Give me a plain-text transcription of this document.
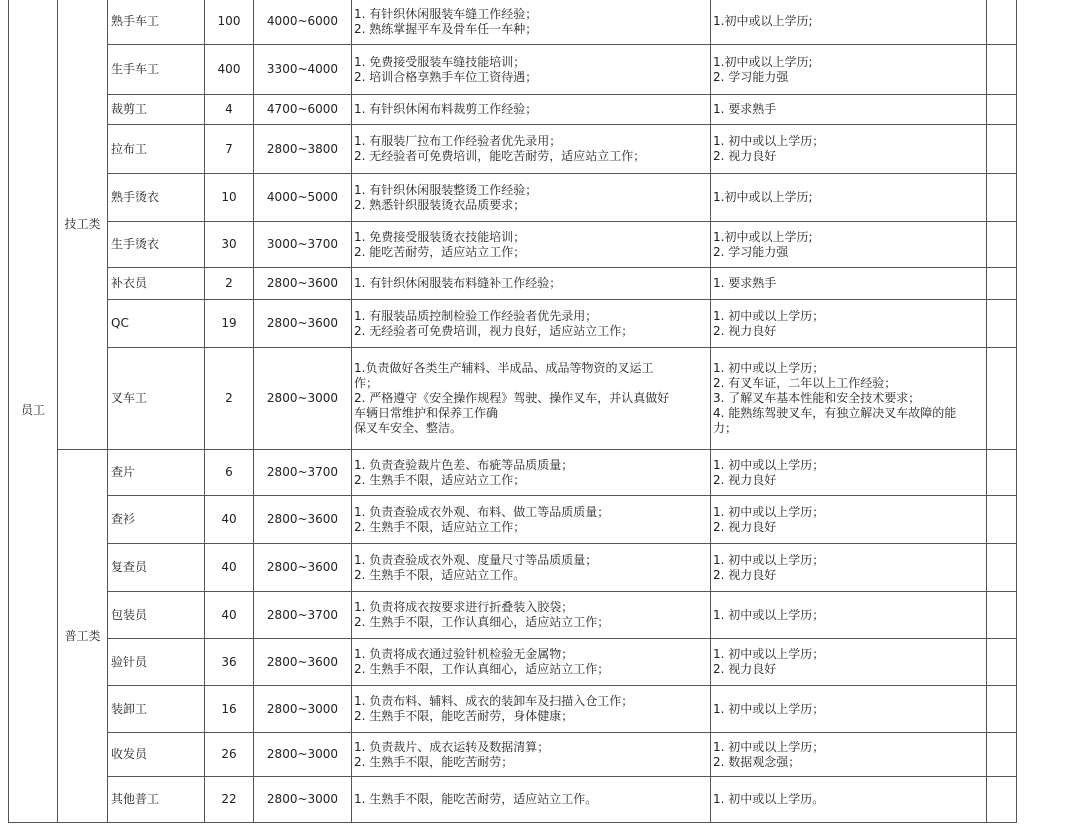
员工	技工类	熟手车工	100	4000~6000	1. 有针织休闲服装车缝工作经验；
2. 熟练掌握平车及骨车任一车种；	1.初中或以上学历;	

		生手车工	400	3300~4000	1. 免费接受服装车缝技能培训；
2. 培训合格享熟手车位工资待遇；	1.初中或以上学历;
2. 学习能力强	

		裁剪工	4	4700~6000	1. 有针织休闲布料裁剪工作经验；	1. 要求熟手	

		拉布工	7	2800~3800	1. 有服装厂拉布工作经验者优先录用；
2. 无经验者可免费培训，能吃苦耐劳，适应站立工作；	1. 初中或以上学历；
2. 视力良好	

		熟手烫衣	10	4000~5000	1. 有针织休闲服装整烫工作经验；
2. 熟悉针织服装烫衣品质要求；	1.初中或以上学历;	

		生手烫衣	30	3000~3700	1. 免费接受服装烫衣技能培训；
2. 能吃苦耐劳，适应站立工作；	1.初中或以上学历;
2. 学习能力强	

		补衣员	2	2800~3600	1. 有针织休闲服装布料缝补工作经验；	1. 要求熟手	

		QC	19	2800~3600	1. 有服装品质控制检验工作经验者优先录用；
2. 无经验者可免费培训，视力良好，适应站立工作；	1. 初中或以上学历；
2. 视力良好	

		叉车工	2	2800~3000	1.负责做好各类生产辅料、半成品、成品等物资的叉运工
作；
2. 严格遵守《安全操作规程》驾驶、操作叉车，并认真做好
车辆日常维护和保养工作确
保叉车安全、整洁。	1. 初中或以上学历；
2. 有叉车证，二年以上工作经验；
3. 了解叉车基本性能和安全技术要求；
4. 能熟练驾驶叉车，有独立解决叉车故障的能
力；	

	普工类	查片	6	2800~3700	1. 负责查验裁片色差、布疵等品质质量；
2. 生熟手不限，适应站立工作；	1. 初中或以上学历；
2. 视力良好	

		查衫	40	2800~3600	1. 负责查验成衣外观、布料、做工等品质质量；
2. 生熟手不限，适应站立工作；	1. 初中或以上学历；
2. 视力良好	

		复查员	40	2800~3600	1. 负责查验成衣外观、度量尺寸等品质质量；
2. 生熟手不限，适应站立工作。	1. 初中或以上学历；
2. 视力良好	

		包装员	40	2800~3700	1. 负责将成衣按要求进行折叠装入胶袋；
2. 生熟手不限，工作认真细心，适应站立工作；	1. 初中或以上学历；	

		验针员	36	2800~3600	1. 负责将成衣通过验针机检验无金属物；
2. 生熟手不限，工作认真细心，适应站立工作；	1. 初中或以上学历；
2. 视力良好	

		装卸工	16	2800~3000	1. 负责布料、辅料、成衣的装卸车及扫描入仓工作；
2. 生熟手不限，能吃苦耐劳，身体健康；	1. 初中或以上学历；	

		收发员	26	2800~3000	1. 负责裁片、成衣运转及数据清算；
2. 生熟手不限，能吃苦耐劳；	1. 初中或以上学历；
2. 数据观念强；	

		其他普工	22	2800~3000	1. 生熟手不限，能吃苦耐劳，适应站立工作。	1. 初中或以上学历。	
